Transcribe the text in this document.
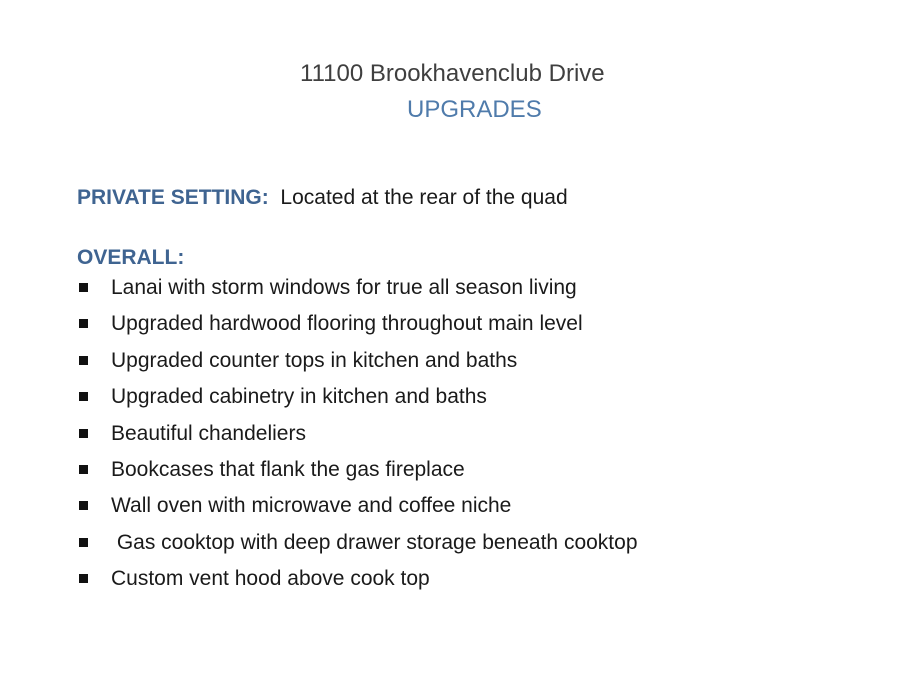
11100 Brookhavenclub Drive
UPGRADES
PRIVATE SETTING: Located at the rear of the quad
OVERALL:
Lanai with storm windows for true all season living
Upgraded hardwood flooring throughout main level
Upgraded counter tops in kitchen and baths
Upgraded cabinetry in kitchen and baths
Beautiful chandeliers
Bookcases that flank the gas fireplace
Wall oven with microwave and coffee niche
Gas cooktop with deep drawer storage beneath cooktop
Custom vent hood above cook top
